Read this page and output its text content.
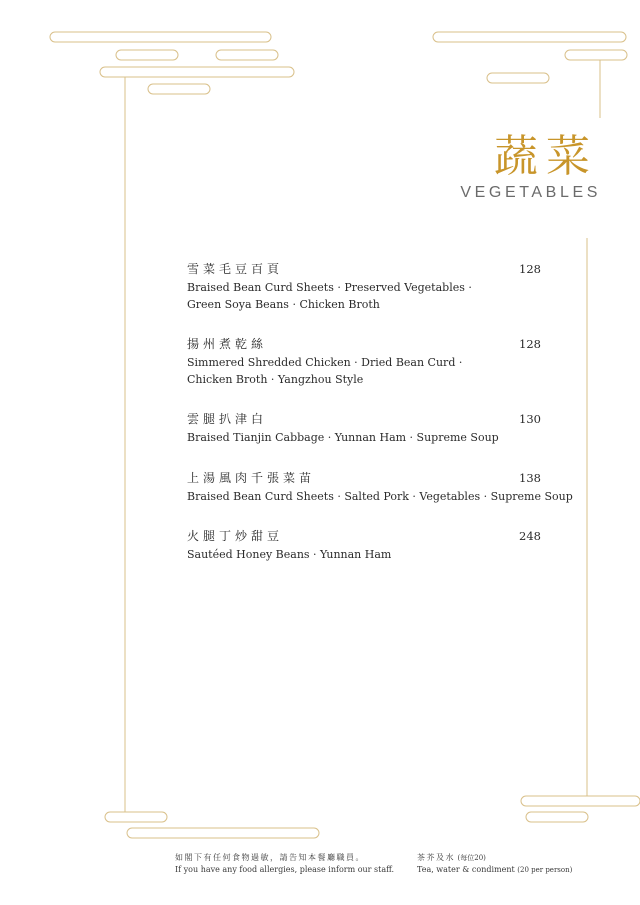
蔬菜
VEGETABLES
雪菜毛豆百頁	128
Braised Bean Curd Sheets · Preserved Vegetables ·
Green Soya Beans · Chicken Broth
揚州煮乾絲	128
Simmered Shredded Chicken · Dried Bean Curd ·
Chicken Broth · Yangzhou Style
雲腿扒津白	130
Braised Tianjin Cabbage · Yunnan Ham · Supreme Soup
上湯風肉千張菜苗	138
Braised Bean Curd Sheets · Salted Pork · Vegetables · Supreme Soup
火腿丁炒甜豆	248
Sautéed Honey Beans · Yunnan Ham
如閣下有任何食物過敏，請告知本餐廳職員。
If you have any food allergies, please inform our staff.
茶芥及水 (每位20)
Tea, water & condiment (20 per person)
